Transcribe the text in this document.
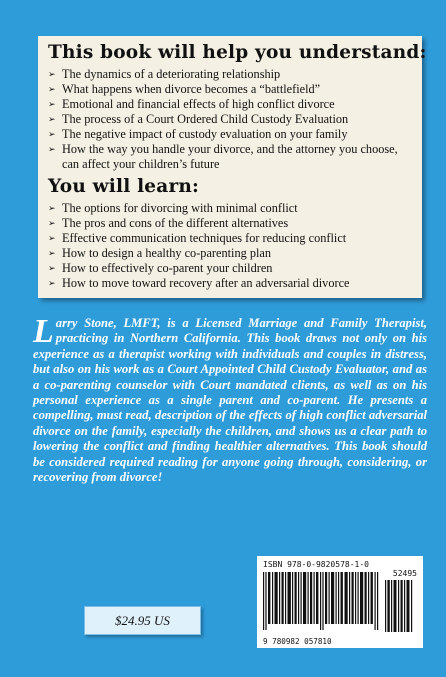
This book will help you understand:
➢ The dynamics of a deteriorating relationship
➢ What happens when divorce becomes a “battlefield”
➢ Emotional and financial effects of high conflict divorce
➢ The process of a Court Ordered Child Custody Evaluation
➢ The negative impact of custody evaluation on your family
➢ How the way you handle your divorce, and the attorney you choose, can affect your children’s future
You will learn:
➢ The options for divorcing with minimal conflict
➢ The pros and cons of the different alternatives
➢ Effective communication techniques for reducing conflict
➢ How to design a healthy co-parenting plan
➢ How to effectively co-parent your children
➢ How to move toward recovery after an adversarial divorce
Larry Stone, LMFT, is a Licensed Marriage and Family Therapist, practicing in Northern California. This book draws not only on his experience as a therapist working with individuals and couples in distress, but also on his work as a Court Appointed Child Custody Evaluator, and as a co-parenting counselor with Court mandated clients, as well as on his personal experience as a single parent and co-parent. He presents a compelling, must read, description of the effects of high conflict adversarial divorce on the family, especially the children, and shows us a clear path to lowering the conflict and finding healthier alternatives. This book should be considered required reading for anyone going through, considering, or recovering from divorce!
ISBN 978-0-9820578-1-0
52495
9 780982 057810
$24.95 US
